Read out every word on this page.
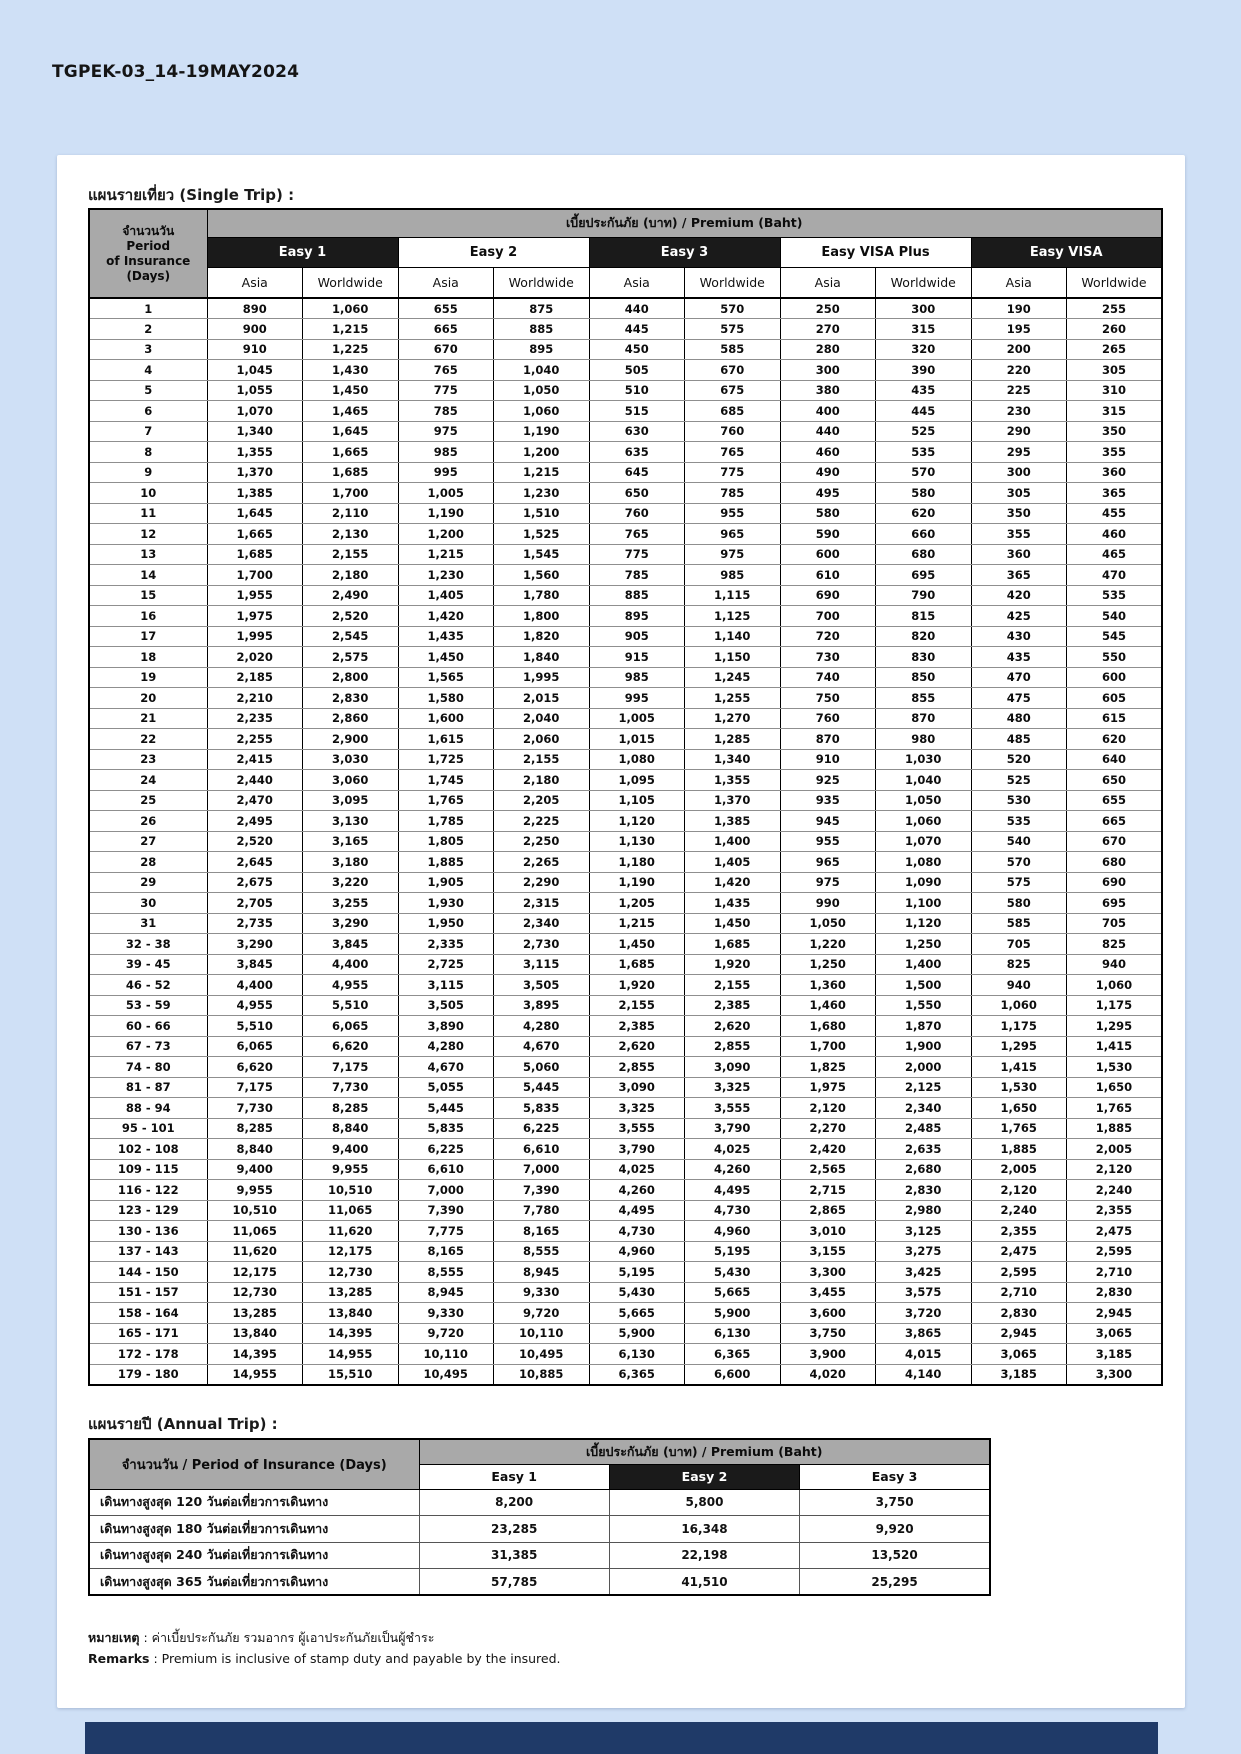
TGPEK-03_14-19MAY2024
แผนรายเที่ยว (Single Trip) :
จำนวนวัน
Period
of Insurance
(Days)	เบี้ยประกันภัย (บาท) / Premium (Baht)									
	Easy 1		Easy 2		Easy 3		Easy VISA Plus		Easy VISA	
	Asia	Worldwide	Asia	Worldwide	Asia	Worldwide	Asia	Worldwide	Asia	Worldwide
1	890	1,060	655	875	440	570	250	300	190	255
2	900	1,215	665	885	445	575	270	315	195	260
3	910	1,225	670	895	450	585	280	320	200	265
4	1,045	1,430	765	1,040	505	670	300	390	220	305
5	1,055	1,450	775	1,050	510	675	380	435	225	310
6	1,070	1,465	785	1,060	515	685	400	445	230	315
7	1,340	1,645	975	1,190	630	760	440	525	290	350
8	1,355	1,665	985	1,200	635	765	460	535	295	355
9	1,370	1,685	995	1,215	645	775	490	570	300	360
10	1,385	1,700	1,005	1,230	650	785	495	580	305	365
11	1,645	2,110	1,190	1,510	760	955	580	620	350	455
12	1,665	2,130	1,200	1,525	765	965	590	660	355	460
13	1,685	2,155	1,215	1,545	775	975	600	680	360	465
14	1,700	2,180	1,230	1,560	785	985	610	695	365	470
15	1,955	2,490	1,405	1,780	885	1,115	690	790	420	535
16	1,975	2,520	1,420	1,800	895	1,125	700	815	425	540
17	1,995	2,545	1,435	1,820	905	1,140	720	820	430	545
18	2,020	2,575	1,450	1,840	915	1,150	730	830	435	550
19	2,185	2,800	1,565	1,995	985	1,245	740	850	470	600
20	2,210	2,830	1,580	2,015	995	1,255	750	855	475	605
21	2,235	2,860	1,600	2,040	1,005	1,270	760	870	480	615
22	2,255	2,900	1,615	2,060	1,015	1,285	870	980	485	620
23	2,415	3,030	1,725	2,155	1,080	1,340	910	1,030	520	640
24	2,440	3,060	1,745	2,180	1,095	1,355	925	1,040	525	650
25	2,470	3,095	1,765	2,205	1,105	1,370	935	1,050	530	655
26	2,495	3,130	1,785	2,225	1,120	1,385	945	1,060	535	665
27	2,520	3,165	1,805	2,250	1,130	1,400	955	1,070	540	670
28	2,645	3,180	1,885	2,265	1,180	1,405	965	1,080	570	680
29	2,675	3,220	1,905	2,290	1,190	1,420	975	1,090	575	690
30	2,705	3,255	1,930	2,315	1,205	1,435	990	1,100	580	695
31	2,735	3,290	1,950	2,340	1,215	1,450	1,050	1,120	585	705
32 - 38	3,290	3,845	2,335	2,730	1,450	1,685	1,220	1,250	705	825
39 - 45	3,845	4,400	2,725	3,115	1,685	1,920	1,250	1,400	825	940
46 - 52	4,400	4,955	3,115	3,505	1,920	2,155	1,360	1,500	940	1,060
53 - 59	4,955	5,510	3,505	3,895	2,155	2,385	1,460	1,550	1,060	1,175
60 - 66	5,510	6,065	3,890	4,280	2,385	2,620	1,680	1,870	1,175	1,295
67 - 73	6,065	6,620	4,280	4,670	2,620	2,855	1,700	1,900	1,295	1,415
74 - 80	6,620	7,175	4,670	5,060	2,855	3,090	1,825	2,000	1,415	1,530
81 - 87	7,175	7,730	5,055	5,445	3,090	3,325	1,975	2,125	1,530	1,650
88 - 94	7,730	8,285	5,445	5,835	3,325	3,555	2,120	2,340	1,650	1,765
95 - 101	8,285	8,840	5,835	6,225	3,555	3,790	2,270	2,485	1,765	1,885
102 - 108	8,840	9,400	6,225	6,610	3,790	4,025	2,420	2,635	1,885	2,005
109 - 115	9,400	9,955	6,610	7,000	4,025	4,260	2,565	2,680	2,005	2,120
116 - 122	9,955	10,510	7,000	7,390	4,260	4,495	2,715	2,830	2,120	2,240
123 - 129	10,510	11,065	7,390	7,780	4,495	4,730	2,865	2,980	2,240	2,355
130 - 136	11,065	11,620	7,775	8,165	4,730	4,960	3,010	3,125	2,355	2,475
137 - 143	11,620	12,175	8,165	8,555	4,960	5,195	3,155	3,275	2,475	2,595
144 - 150	12,175	12,730	8,555	8,945	5,195	5,430	3,300	3,425	2,595	2,710
151 - 157	12,730	13,285	8,945	9,330	5,430	5,665	3,455	3,575	2,710	2,830
158 - 164	13,285	13,840	9,330	9,720	5,665	5,900	3,600	3,720	2,830	2,945
165 - 171	13,840	14,395	9,720	10,110	5,900	6,130	3,750	3,865	2,945	3,065
172 - 178	14,395	14,955	10,110	10,495	6,130	6,365	3,900	4,015	3,065	3,185
179 - 180	14,955	15,510	10,495	10,885	6,365	6,600	4,020	4,140	3,185	3,300
แผนรายปี (Annual Trip) :
จำนวนวัน / Period of Insurance (Days)	เบี้ยประกันภัย (บาท) / Premium (Baht)		
	Easy 1	Easy 2	Easy 3
เดินทางสูงสุด 120 วันต่อเที่ยวการเดินทาง	8,200	5,800	3,750
เดินทางสูงสุด 180 วันต่อเที่ยวการเดินทาง	23,285	16,348	9,920
เดินทางสูงสุด 240 วันต่อเที่ยวการเดินทาง	31,385	22,198	13,520
เดินทางสูงสุด 365 วันต่อเที่ยวการเดินทาง	57,785	41,510	25,295
หมายเหตุ : ค่าเบี้ยประกันภัย รวมอากร ผู้เอาประกันภัยเป็นผู้ชำระ
Remarks : Premium is inclusive of stamp duty and payable by the insured.
